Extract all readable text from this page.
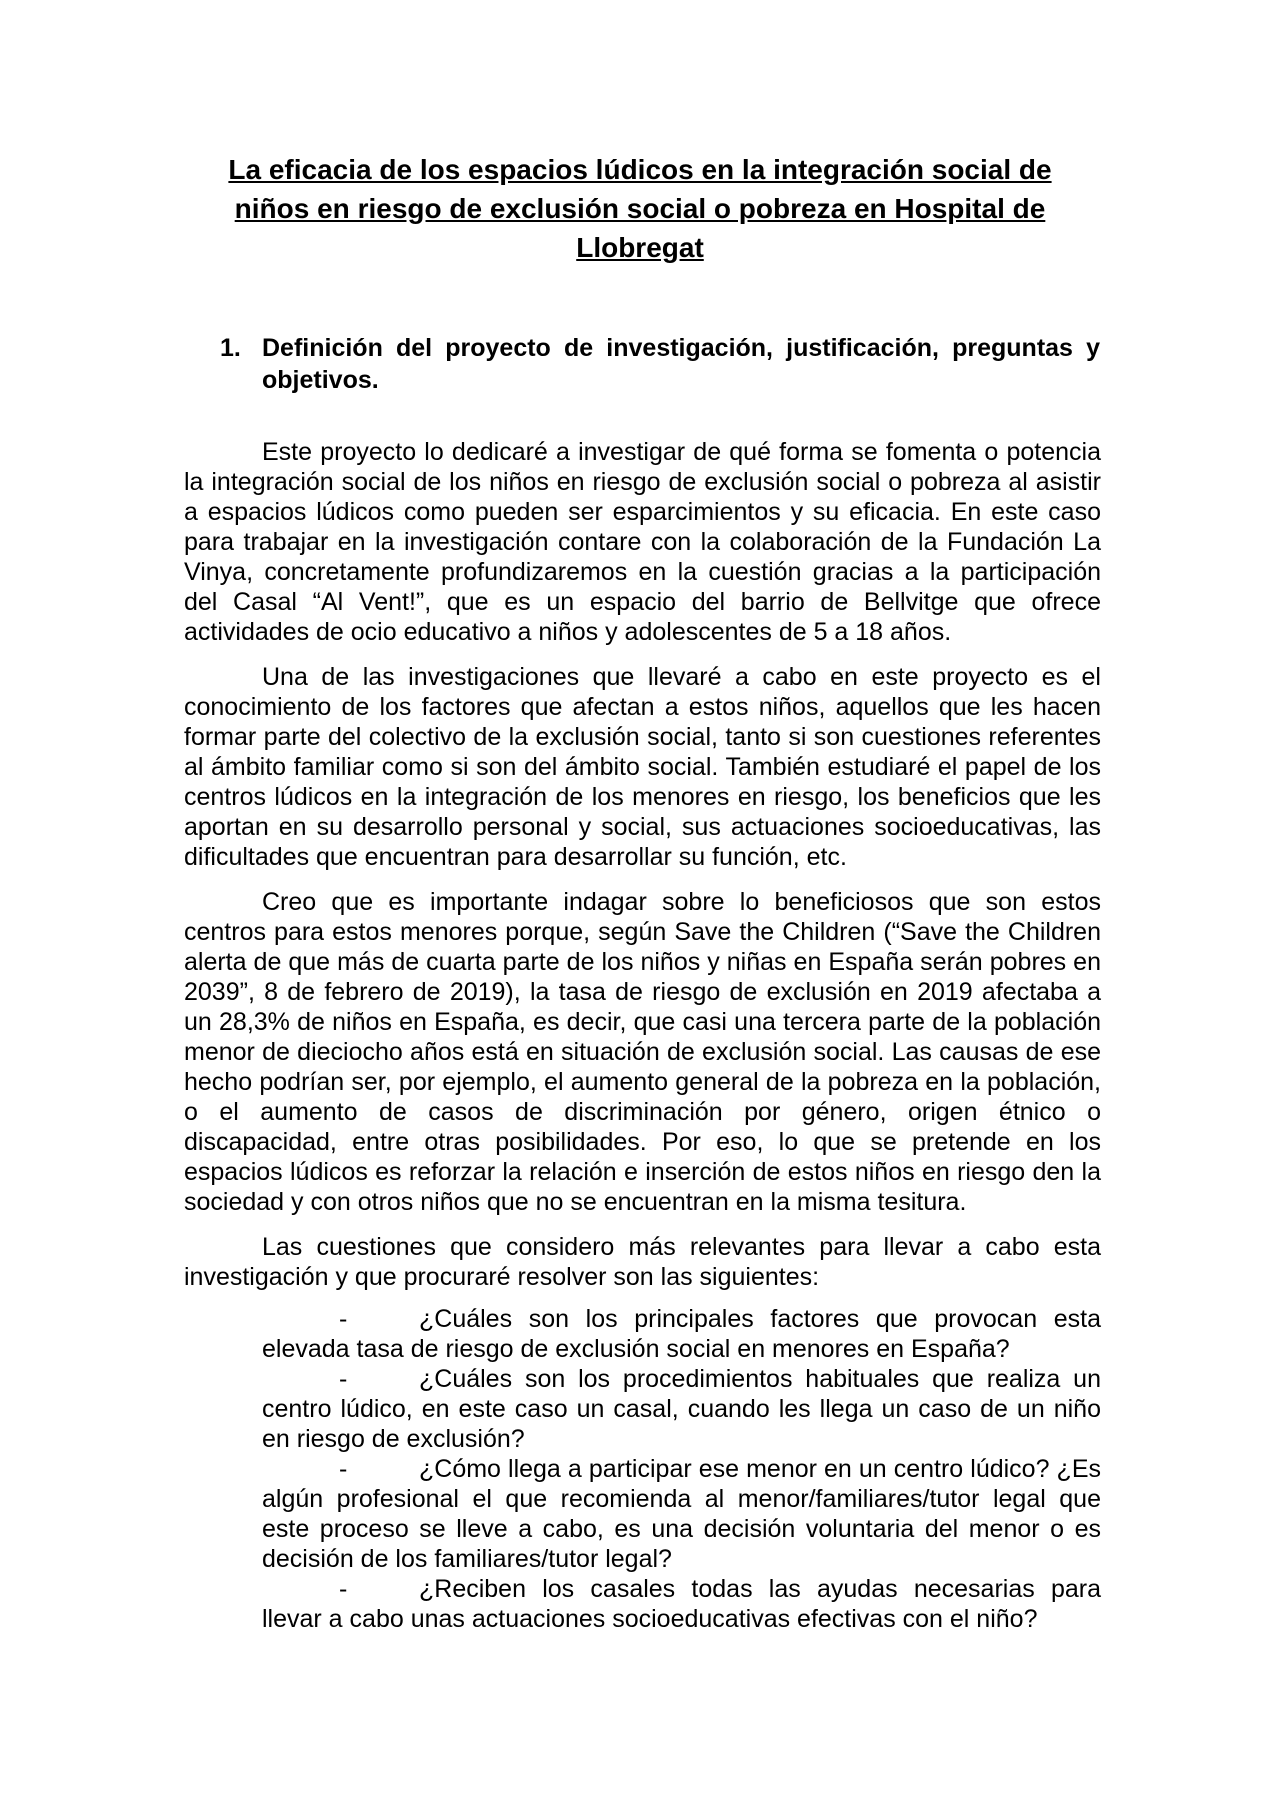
La eficacia de los espacios lúdicos en la integración social de niños en riesgo de exclusión social o pobreza en Hospital de Llobregat
1. Definición del proyecto de investigación, justificación, preguntas y objetivos.

Este proyecto lo dedicaré a investigar de qué forma se fomenta o potencia la integración social de los niños en riesgo de exclusión social o pobreza al asistir a espacios lúdicos como pueden ser esparcimientos y su eficacia. En este caso para trabajar en la investigación contare con la colaboración de la Fundación La Vinya, concretamente profundizaremos en la cuestión gracias a la participación del Casal “Al Vent!”, que es un espacio del barrio de Bellvitge que ofrece actividades de ocio educativo a niños y adolescentes de 5 a 18 años.

Una de las investigaciones que llevaré a cabo en este proyecto es el conocimiento de los factores que afectan a estos niños, aquellos que les hacen formar parte del colectivo de la exclusión social, tanto si son cuestiones referentes al ámbito familiar como si son del ámbito social. También estudiaré el papel de los centros lúdicos en la integración de los menores en riesgo, los beneficios que les aportan en su desarrollo personal y social, sus actuaciones socioeducativas, las dificultades que encuentran para desarrollar su función, etc.

Creo que es importante indagar sobre lo beneficiosos que son estos centros para estos menores porque, según Save the Children (“Save the Children alerta de que más de cuarta parte de los niños y niñas en España serán pobres en 2039”, 8 de febrero de 2019), la tasa de riesgo de exclusión en 2019 afectaba a un 28,3% de niños en España, es decir, que casi una tercera parte de la población menor de dieciocho años está en situación de exclusión social. Las causas de ese hecho podrían ser, por ejemplo, el aumento general de la pobreza en la población, o el aumento de casos de discriminación por género, origen étnico o discapacidad, entre otras posibilidades. Por eso, lo que se pretende en los espacios lúdicos es reforzar la relación e inserción de estos niños en riesgo den la sociedad y con otros niños que no se encuentran en la misma tesitura.

Las cuestiones que considero más relevantes para llevar a cabo esta investigación y que procuraré resolver son las siguientes:

-	¿Cuáles son los principales factores que provocan esta elevada tasa de riesgo de exclusión social en menores en España?

-	¿Cuáles son los procedimientos habituales que realiza un centro lúdico, en este caso un casal, cuando les llega un caso de un niño en riesgo de exclusión?

-	¿Cómo llega a participar ese menor en un centro lúdico? ¿Es algún profesional el que recomienda al menor/familiares/tutor legal que este proceso se lleve a cabo, es una decisión voluntaria del menor o es decisión de los familiares/tutor legal?

-	¿Reciben los casales todas las ayudas necesarias para llevar a cabo unas actuaciones socioeducativas efectivas con el niño?
